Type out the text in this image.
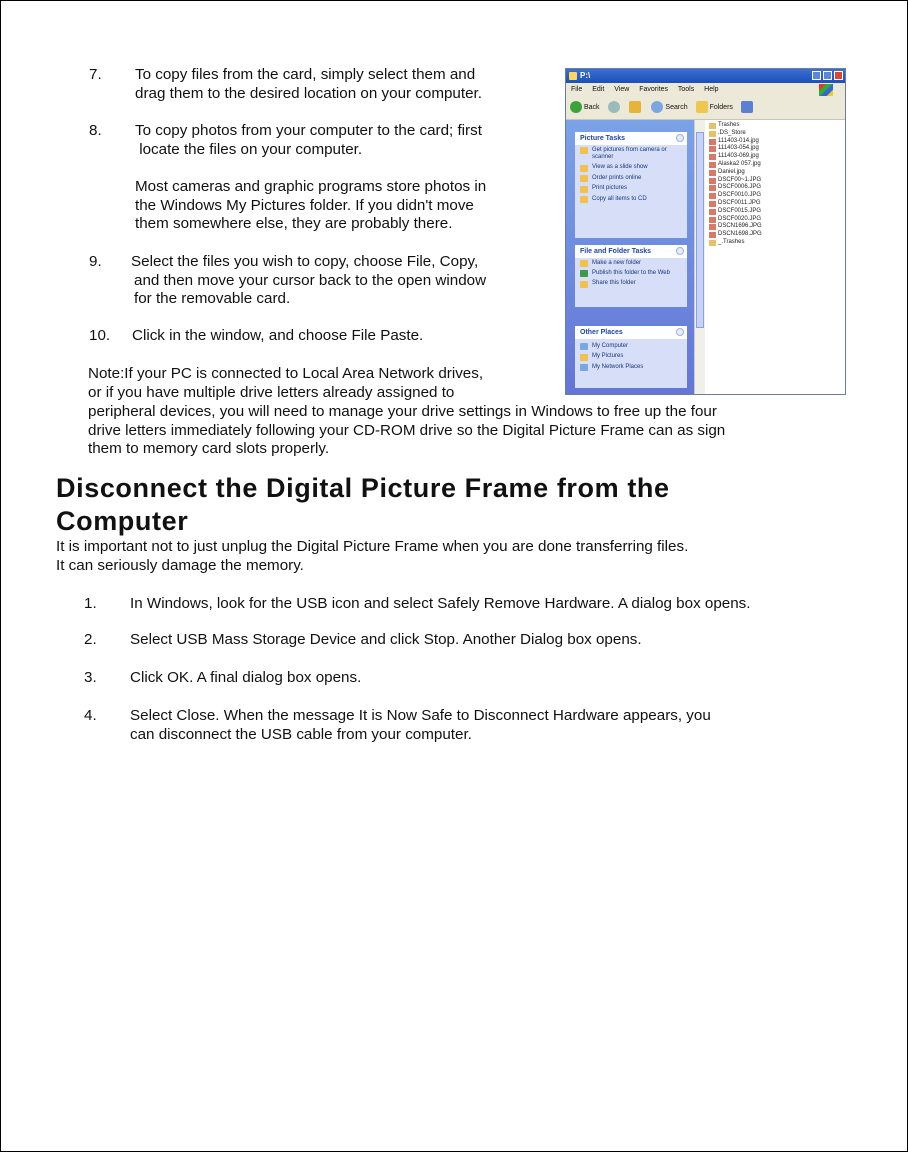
7. To copy files from the card, simply select them and
drag them to the desired location on your computer.
8. To copy photos from your computer to the card; first
locate the files on your computer.
Most cameras and graphic programs store photos in
the Windows My Pictures folder. If you didn't move
them somewhere else, they are probably there.
9. Select the files you wish to copy, choose File, Copy,
and then move your cursor back to the open window
for the removable card.
10. Click in the window, and choose File Paste.
Note:If your PC is connected to Local Area Network drives,
or if you have multiple drive letters already assigned to
peripheral devices, you will need to manage your drive settings in Windows to free up the four
drive letters immediately following your CD-ROM drive so the Digital Picture Frame can as sign
them to memory card slots properly.
P:\
File Edit View Favorites Tools Help
Back	Search	Folders
Picture Tasks
Get pictures from camera or scanner
View as a slide show
Order prints online
Print pictures
Copy all items to CD
File and Folder Tasks
Make a new folder
Publish this folder to the Web
Share this folder
Other Places
My Computer
My Pictures
My Network Places
Trashes
.DS_Store
111403-014.jpg
111403-054.jpg
111403-069.jpg
Alaska2 057.jpg
Daniel.jpg
DSCF00~1.JPG
DSCF0006.JPG
DSCF0010.JPG
DSCF0011.JPG
DSCF0015.JPG
DSCF0020.JPG
DSCN1696.JPG
DSCN1698.JPG
_.Trashes
Disconnect the Digital Picture Frame from the
Computer
It is important not to just unplug the Digital Picture Frame when you are done transferring files.
It can seriously damage the memory.
1. In Windows, look for the USB icon and select Safely Remove Hardware. A dialog box opens.
2. Select USB Mass Storage Device and click Stop. Another Dialog box opens.
3. Click OK. A final dialog box opens.
4. Select Close. When the message It is Now Safe to Disconnect Hardware appears, you
can disconnect the USB cable from your computer.
